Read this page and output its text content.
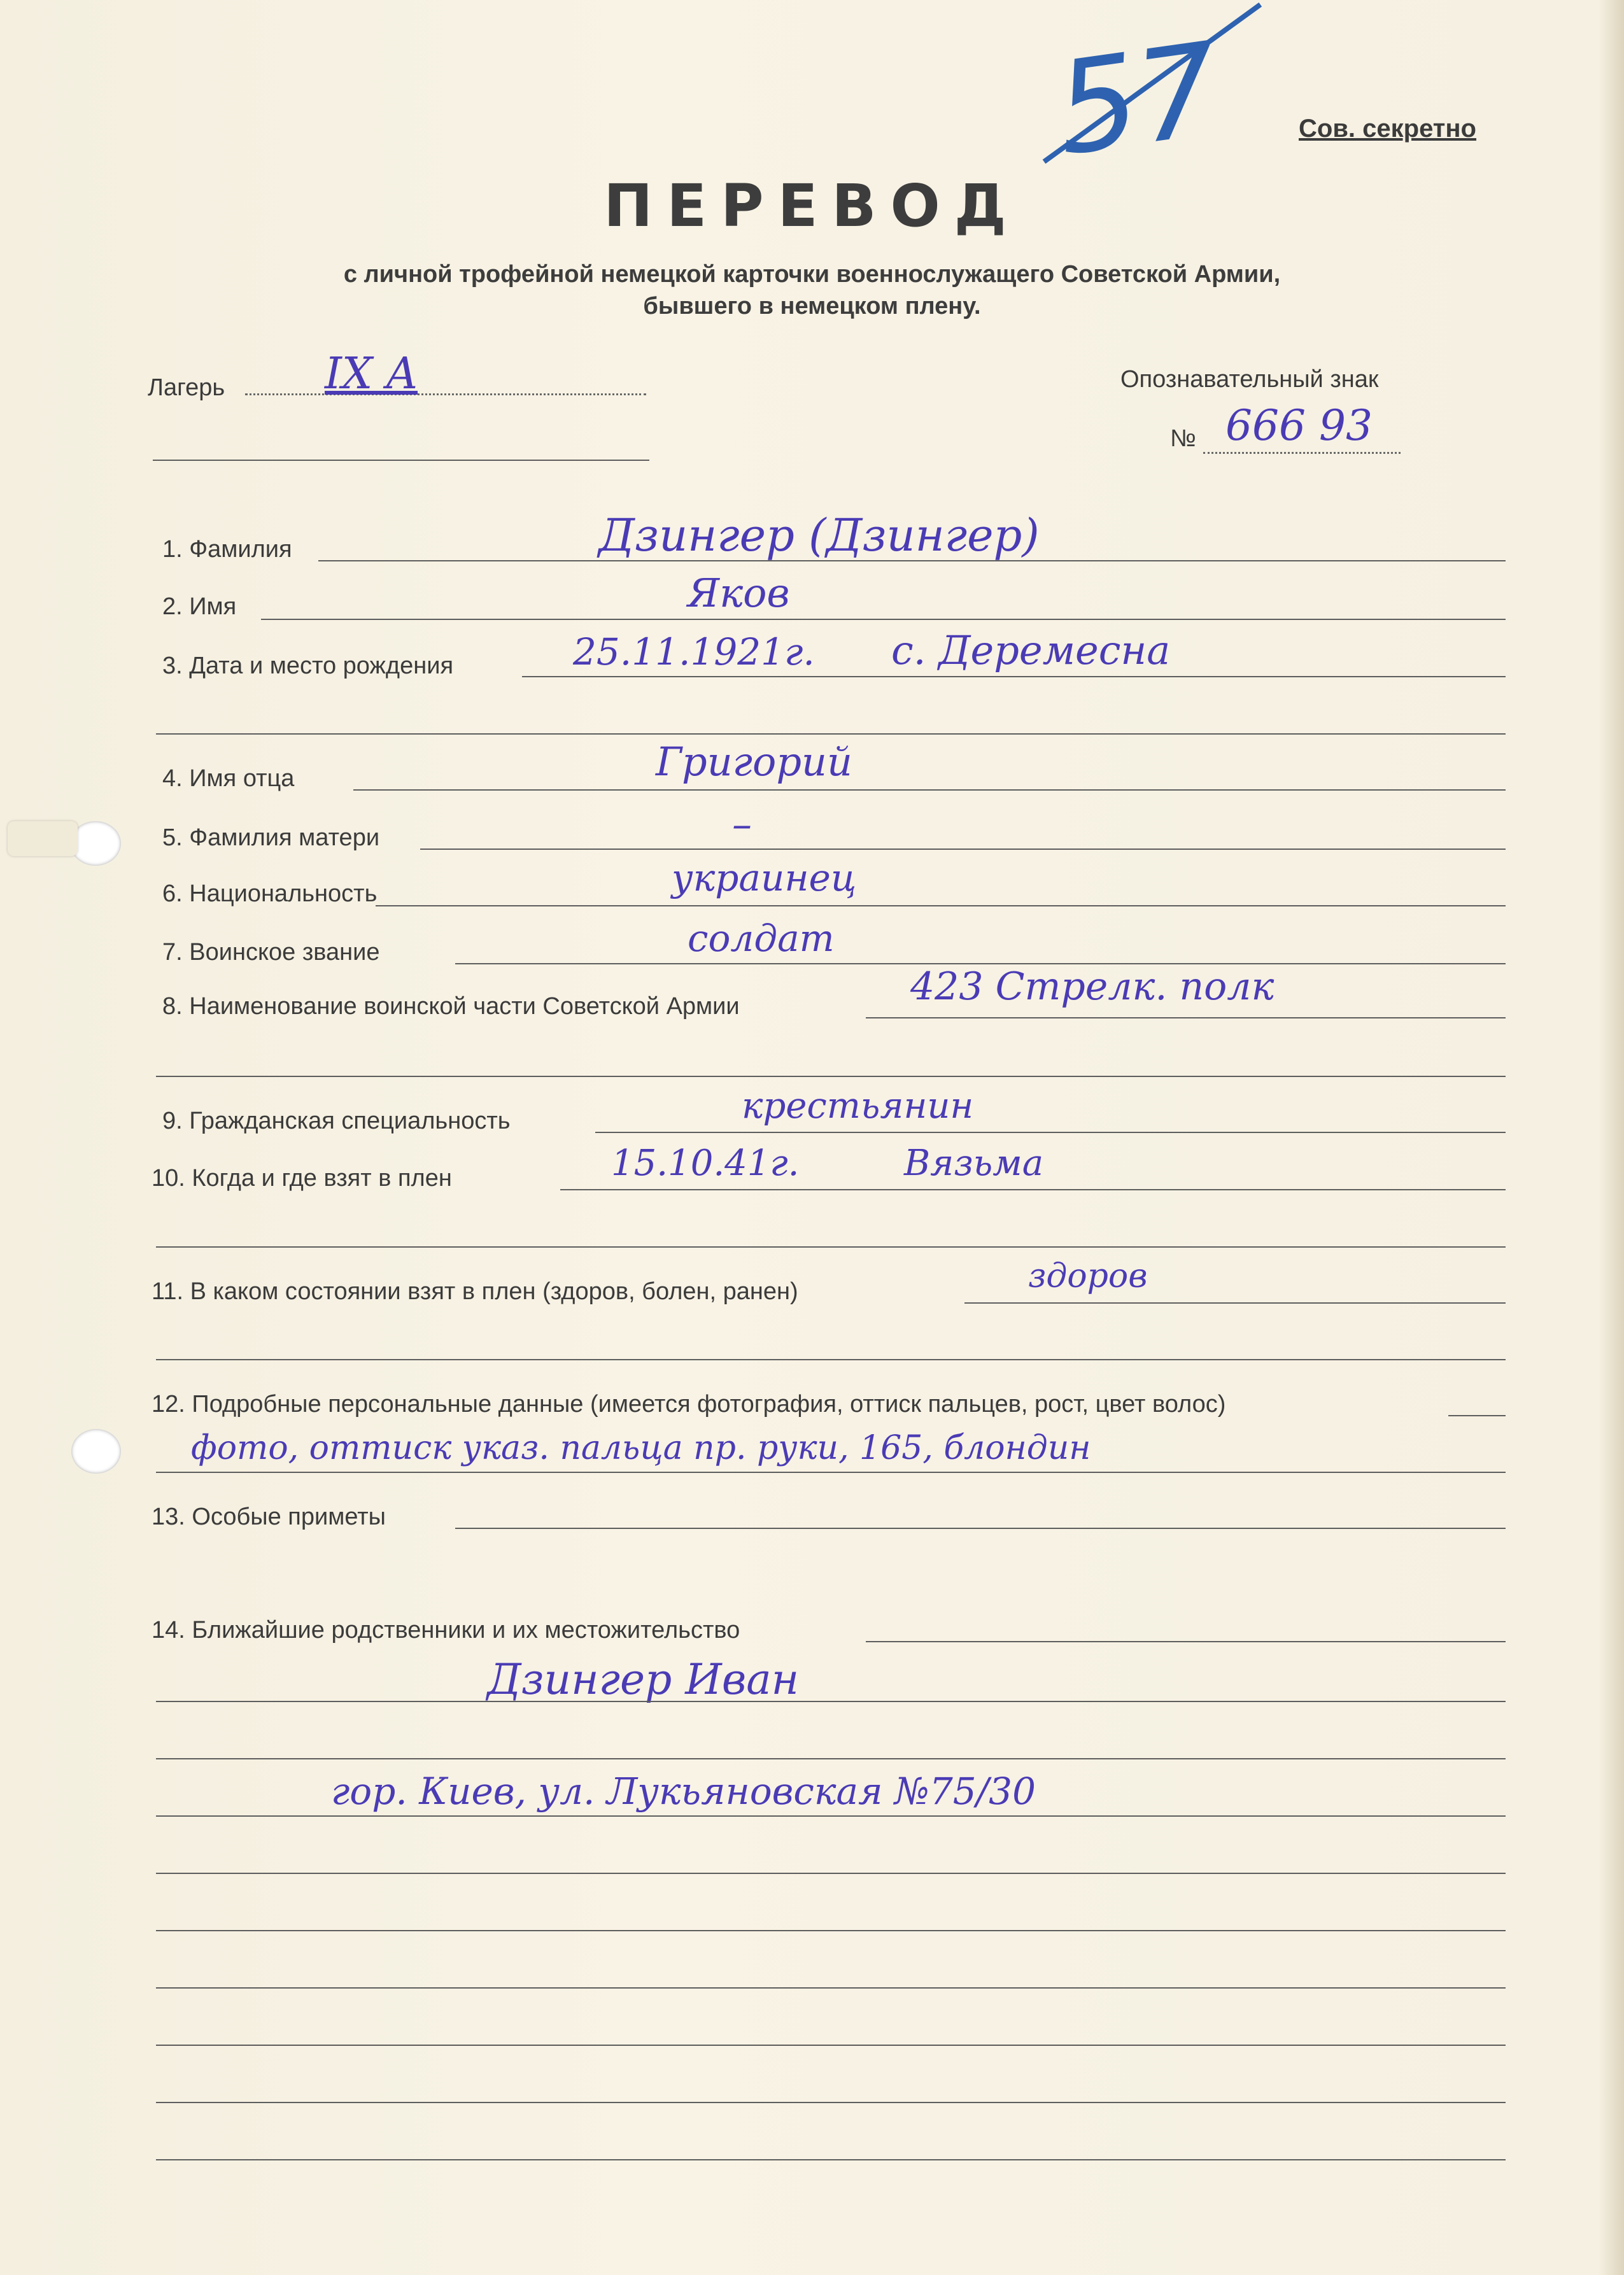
57	Сов. секретно
ПЕРЕВОД
с личной трофейной немецкой карточки военнослужащего Советской Армии,
бывшего в немецком плену.
Лагерь IX A	Опознавательный знак
№ 666 93
1. Фамилия	Дзингер (Дзингер)
2. Имя	Яков
3. Дата и место рождения	25.11.1921г. с. Деремесна
4. Имя отца	Григорий
5. Фамилия матери	–
6. Национальность	украинец
7. Воинское звание	солдат
8. Наименование воинской части Советской Армии	423 Стрелк. полк
9. Гражданская специальность	крестьянин
10. Когда и где взят в плен	15.10.41г.	Вязьма
11. В каком состоянии взят в плен (здоров, болен, ранен)	здоров
12. Подробные персональные данные (имеется фотография, оттиск пальцев, рост, цвет волос)
фото, оттиск указ. пальца пр. руки, 165, блондин
13. Особые приметы
14. Ближайшие родственники и их местожительство
Дзингер Иван
гор. Киев, ул. Лукьяновская №75/30
